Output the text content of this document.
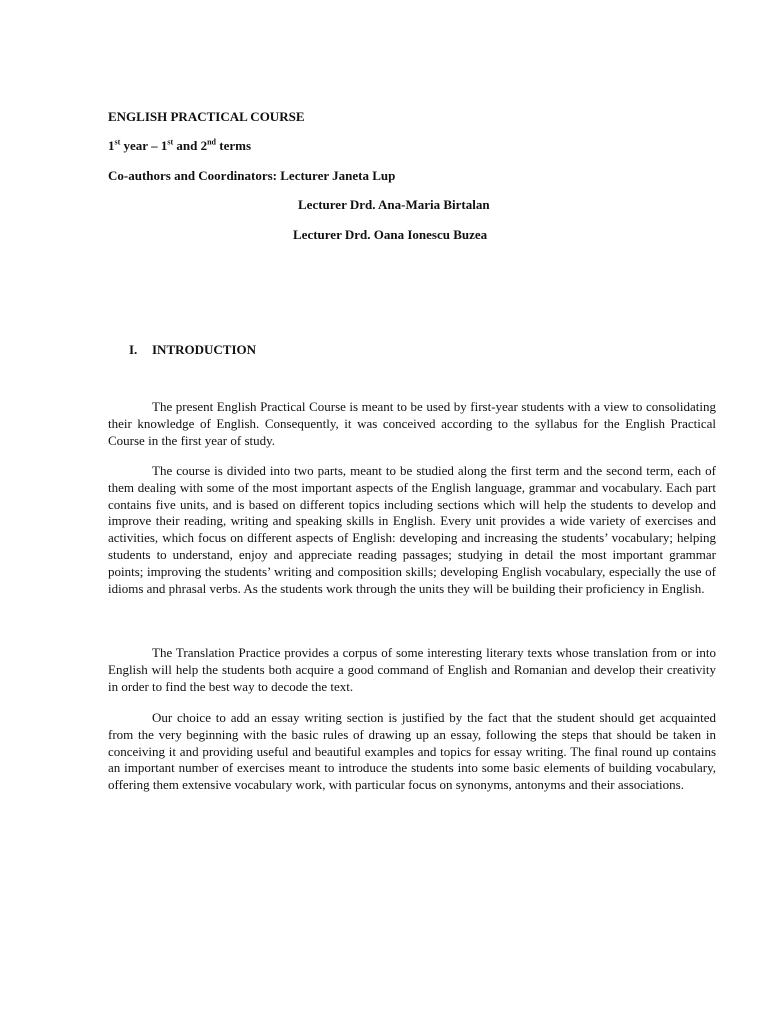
ENGLISH PRACTICAL COURSE
1st year – 1st and 2nd terms
Co-authors and Coordinators: Lecturer Janeta Lup
Lecturer Drd. Ana-Maria Birtalan
Lecturer Drd. Oana Ionescu Buzea
I. INTRODUCTION

The present English Practical Course is meant to be used by first-year students with a view to consolidating their knowledge of English. Consequently, it was conceived according to the syllabus for the English Practical Course in the first year of study.

The course is divided into two parts, meant to be studied along the first term and the second term, each of them dealing with some of the most important aspects of the English language, grammar and vocabulary. Each part contains five units, and is based on different topics including sections which will help the students to develop and improve their reading, writing and speaking skills in English. Every unit provides a wide variety of exercises and activities, which focus on different aspects of English: developing and increasing the students’ vocabulary; helping students to understand, enjoy and appreciate reading passages; studying in detail the most important grammar points; improving the students’ writing and composition skills; developing English vocabulary, especially the use of idioms and phrasal verbs. As the students work through the units they will be building their proficiency in English.

The Translation Practice provides a corpus of some interesting literary texts whose translation from or into English will help the students both acquire a good command of English and Romanian and develop their creativity in order to find the best way to decode the text.

Our choice to add an essay writing section is justified by the fact that the student should get acquainted from the very beginning with the basic rules of drawing up an essay, following the steps that should be taken in conceiving it and providing useful and beautiful examples and topics for essay writing. The final round up contains an important number of exercises meant to introduce the students into some basic elements of building vocabulary, offering them extensive vocabulary work, with particular focus on synonyms, antonyms and their associations.
